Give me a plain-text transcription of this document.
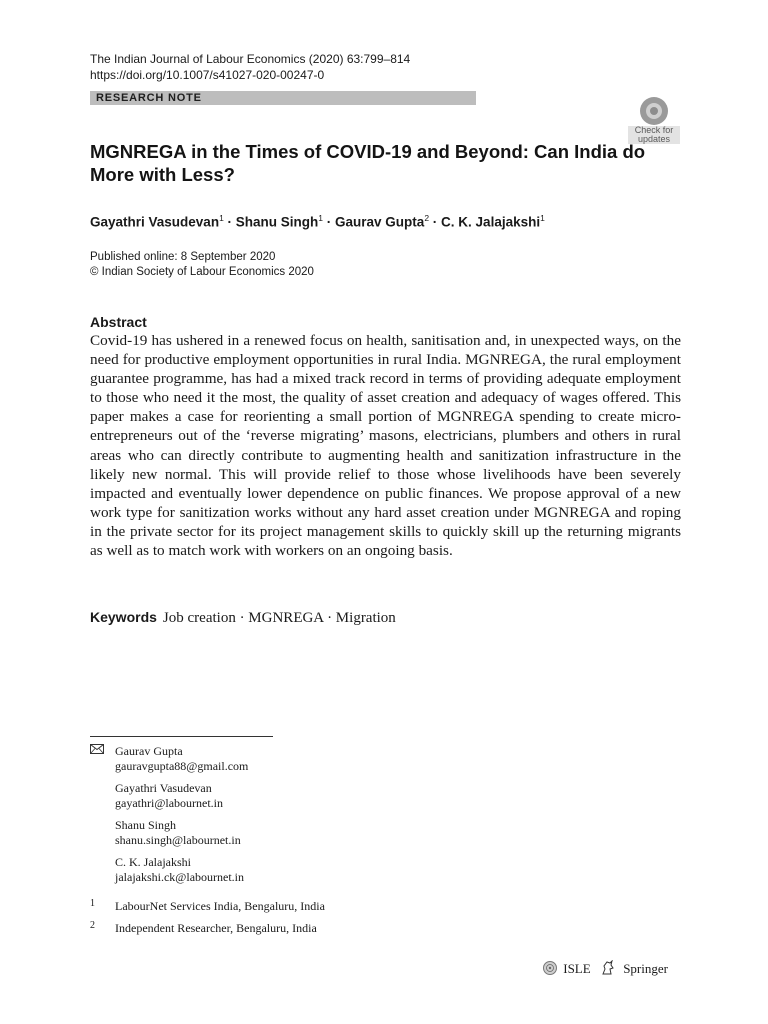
The Indian Journal of Labour Economics (2020) 63:799–814
https://doi.org/10.1007/s41027-020-00247-0
RESEARCH NOTE
Check for
updates
MGNREGA in the Times of COVID-19 and Beyond: Can India do More with Less?
Gayathri Vasudevan$^1$ · Shanu Singh$^1$ · Gaurav Gupta$^2$ · C. K. Jalajakshi$^1$
Published online: 8 September 2020
© Indian Society of Labour Economics 2020
Abstract
Covid-19 has ushered in a renewed focus on health, sanitisation and, in unexpected ways, on the need for productive employment opportunities in rural India. MGNREGA, the rural employment guarantee programme, has had a mixed track record in terms of providing adequate employment to those who need it the most, the quality of asset creation and adequacy of wages offered. This paper makes a case for reorienting a small portion of MGNREGA spending to create micro-entrepreneurs out of the ‘reverse migrating’ masons, electricians, plumbers and others in rural areas who can directly contribute to augmenting health and sanitization infrastructure in the likely new normal. This will provide relief to those whose livelihoods have been severely impacted and eventually lower dependence on public finances. We propose approval of a new work type for sanitization works without any hard asset creation under MGNREGA and roping in the private sector for its project management skills to quickly skill up the returning migrants as well as to match work with workers on an ongoing basis.
Keywords Job creation · MGNREGA · Migration
Gaurav Gupta
gauravgupta88@gmail.com
Gayathri Vasudevan
gayathri@labournet.in
Shanu Singh
shanu.singh@labournet.in
C. K. Jalajakshi
jalajakshi.ck@labournet.in
1 LabourNet Services India, Bengaluru, India
2 Independent Researcher, Bengaluru, India
ISLE	Springer
